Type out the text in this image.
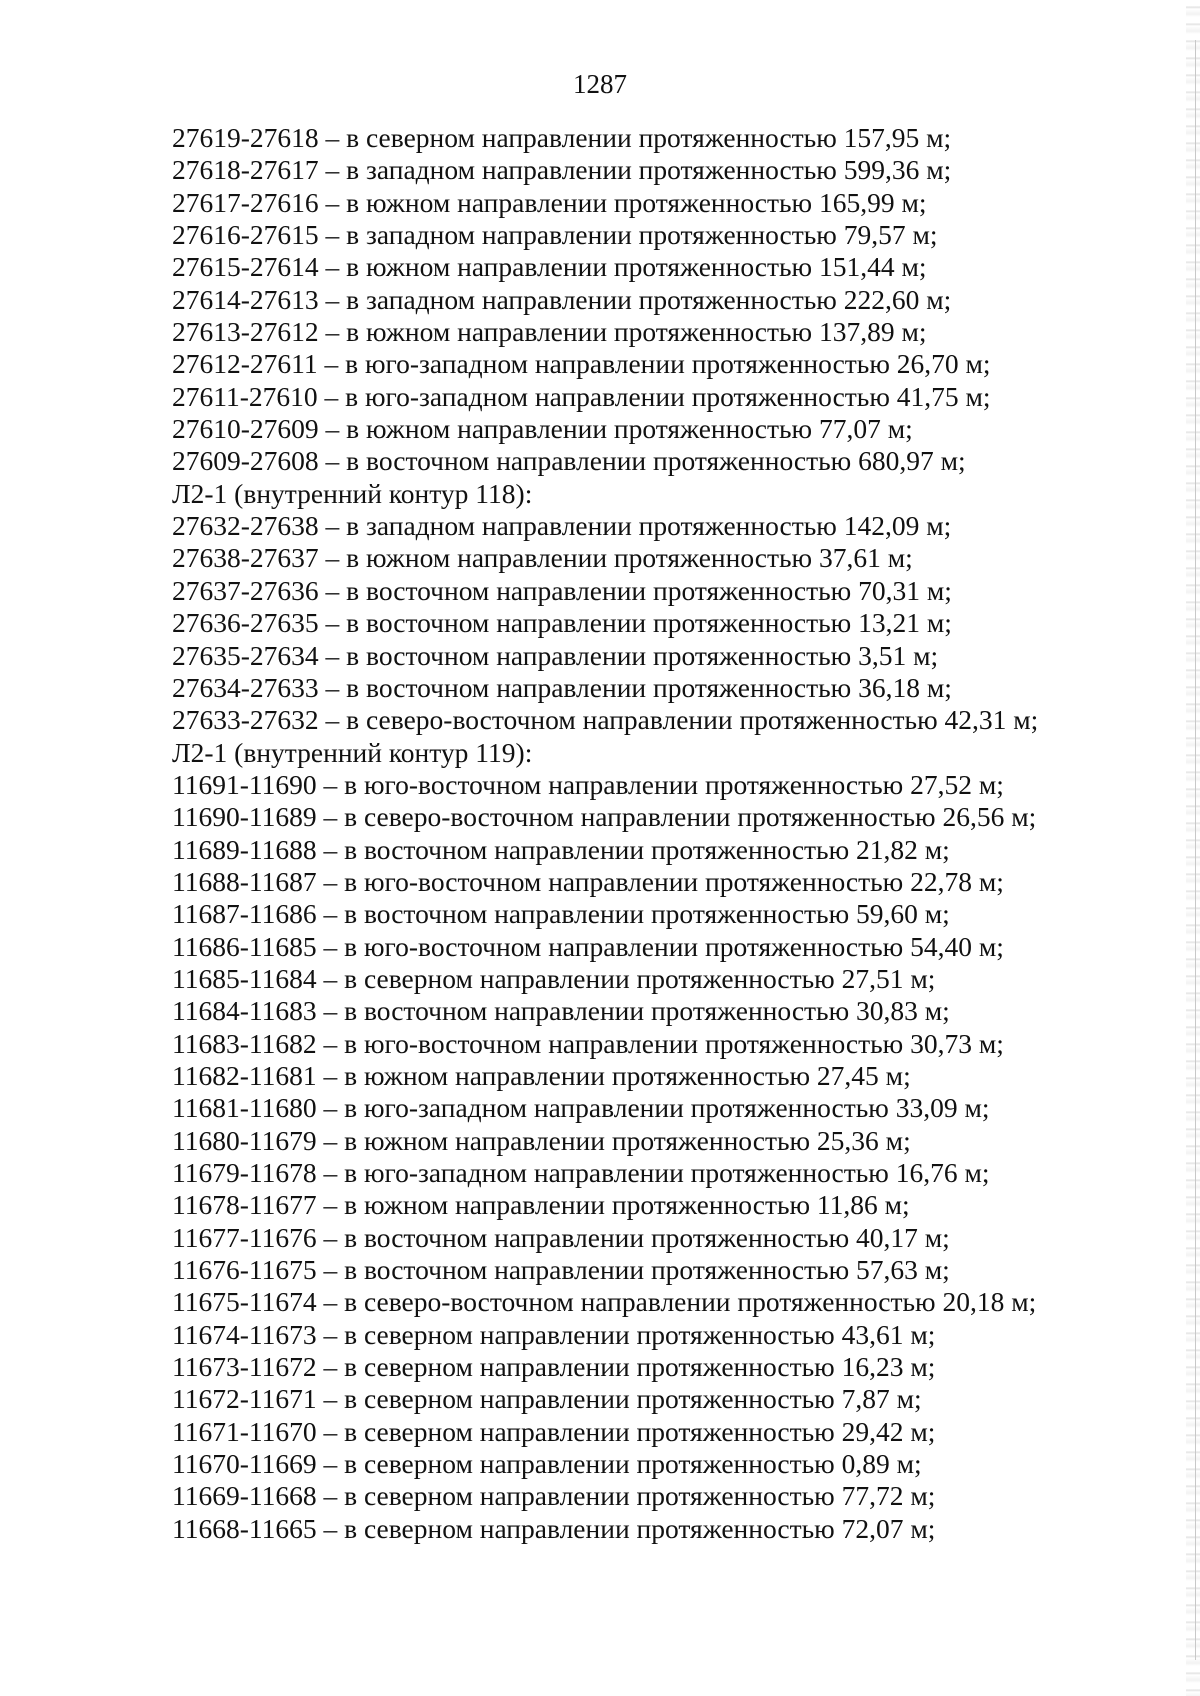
1287
27619-27618 – в северном направлении протяженностью 157,95 м;
27618-27617 – в западном направлении протяженностью 599,36 м;
27617-27616 – в южном направлении протяженностью 165,99 м;
27616-27615 – в западном направлении протяженностью 79,57 м;
27615-27614 – в южном направлении протяженностью 151,44 м;
27614-27613 – в западном направлении протяженностью 222,60 м;
27613-27612 – в южном направлении протяженностью 137,89 м;
27612-27611 – в юго-западном направлении протяженностью 26,70 м;
27611-27610 – в юго-западном направлении протяженностью 41,75 м;
27610-27609 – в южном направлении протяженностью 77,07 м;
27609-27608 – в восточном направлении протяженностью 680,97 м;
Л2-1 (внутренний контур 118):
27632-27638 – в западном направлении протяженностью 142,09 м;
27638-27637 – в южном направлении протяженностью 37,61 м;
27637-27636 – в восточном направлении протяженностью 70,31 м;
27636-27635 – в восточном направлении протяженностью 13,21 м;
27635-27634 – в восточном направлении протяженностью 3,51 м;
27634-27633 – в восточном направлении протяженностью 36,18 м;
27633-27632 – в северо-восточном направлении протяженностью 42,31 м;
Л2-1 (внутренний контур 119):
11691-11690 – в юго-восточном направлении протяженностью 27,52 м;
11690-11689 – в северо-восточном направлении протяженностью 26,56 м;
11689-11688 – в восточном направлении протяженностью 21,82 м;
11688-11687 – в юго-восточном направлении протяженностью 22,78 м;
11687-11686 – в восточном направлении протяженностью 59,60 м;
11686-11685 – в юго-восточном направлении протяженностью 54,40 м;
11685-11684 – в северном направлении протяженностью 27,51 м;
11684-11683 – в восточном направлении протяженностью 30,83 м;
11683-11682 – в юго-восточном направлении протяженностью 30,73 м;
11682-11681 – в южном направлении протяженностью 27,45 м;
11681-11680 – в юго-западном направлении протяженностью 33,09 м;
11680-11679 – в южном направлении протяженностью 25,36 м;
11679-11678 – в юго-западном направлении протяженностью 16,76 м;
11678-11677 – в южном направлении протяженностью 11,86 м;
11677-11676 – в восточном направлении протяженностью 40,17 м;
11676-11675 – в восточном направлении протяженностью 57,63 м;
11675-11674 – в северо-восточном направлении протяженностью 20,18 м;
11674-11673 – в северном направлении протяженностью 43,61 м;
11673-11672 – в северном направлении протяженностью 16,23 м;
11672-11671 – в северном направлении протяженностью 7,87 м;
11671-11670 – в северном направлении протяженностью 29,42 м;
11670-11669 – в северном направлении протяженностью 0,89 м;
11669-11668 – в северном направлении протяженностью 77,72 м;
11668-11665 – в северном направлении протяженностью 72,07 м;
